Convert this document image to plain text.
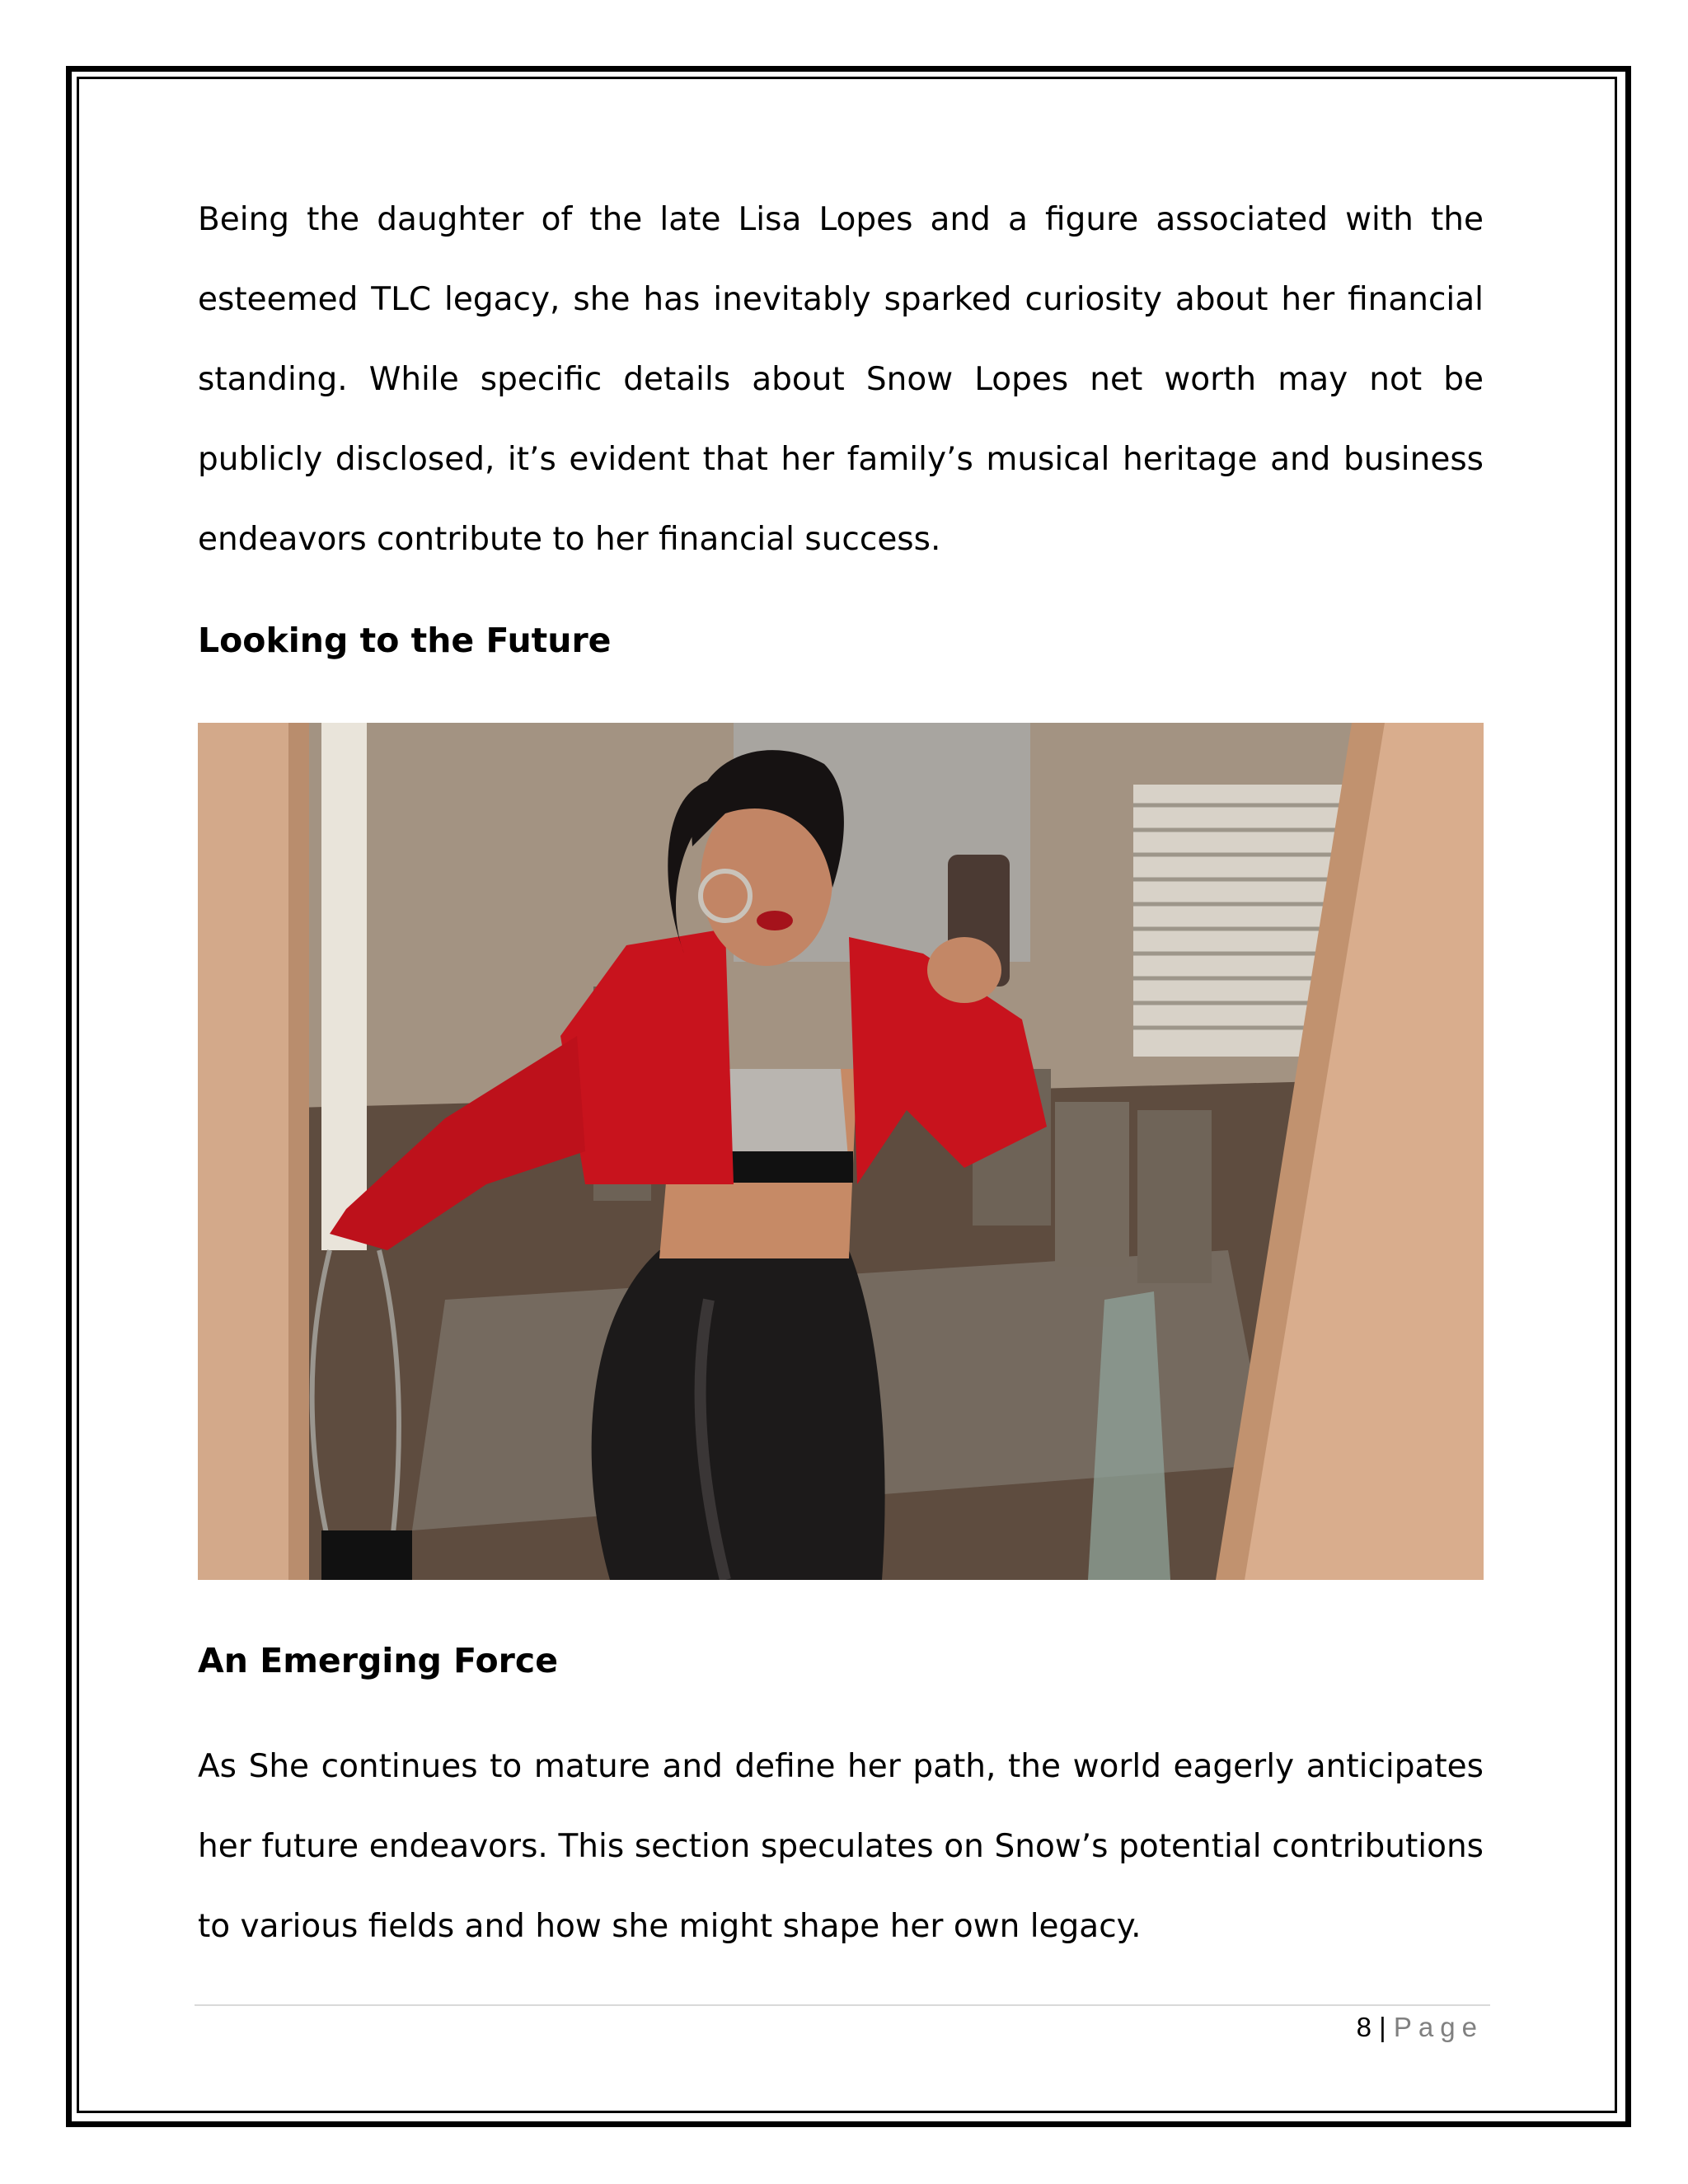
Being the daughter of the late Lisa Lopes and a figure associated with the esteemed TLC legacy, she has inevitably sparked curiosity about her financial standing. While specific details about Snow Lopes net worth may not be publicly disclosed, it’s evident that her family’s musical heritage and business endeavors contribute to her financial success.

Looking to the Future
An Emerging Force

As She continues to mature and define her path, the world eagerly anticipates her future endeavors. This section speculates on Snow’s potential contributions to various fields and how she might shape her own legacy.

8 | Page
